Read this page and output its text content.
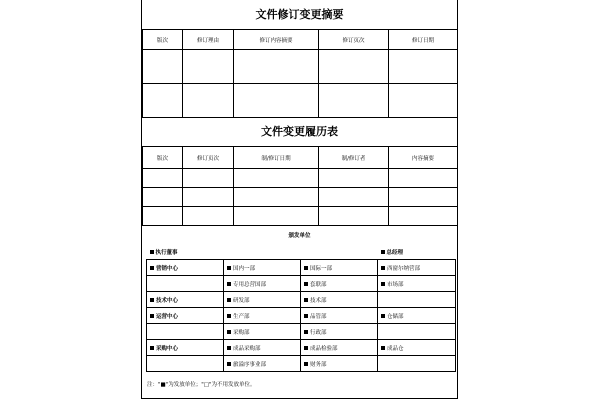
文件修订变更摘要
版次	修订理由	修订内容摘要	修订页次	修订日期

文件变更履历表
版次	修订页次	制/修订日期	制/修订者	内容摘要

颁发单位
执行董事			总经理
营销中心	国内一部	国际一部	西窗尔纳营部
	专用总营国部	套联部	市场部
技术中心	研发部	技术部	
运营中心	生产部	品管部	仓储部
	采购部	行政部	
采购中心	成品采购部	成品检验部	成品仓
	旅溢序事业部	财务部	
注："■"为发放单位；"□"为不用发放单位。
